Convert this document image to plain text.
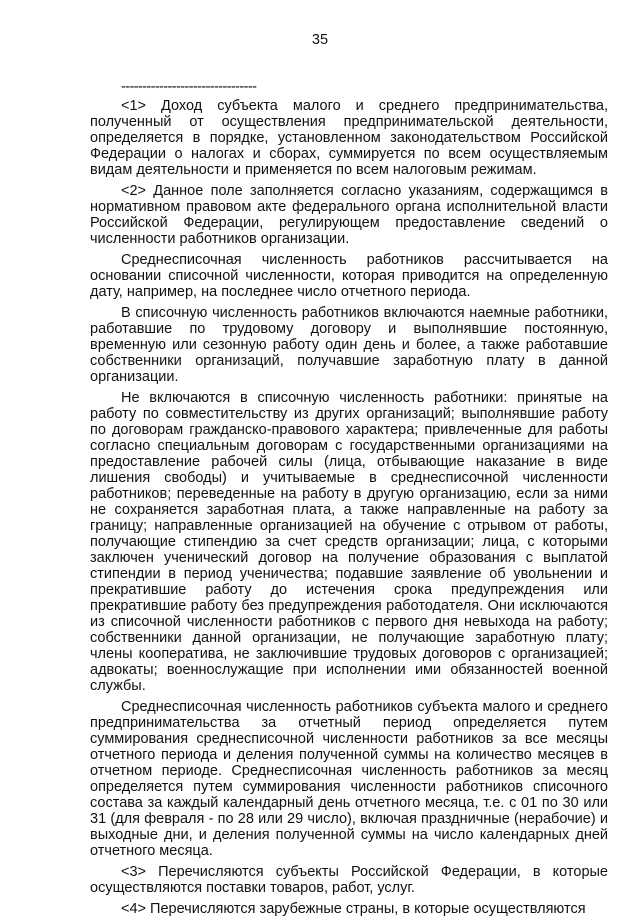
35
--------------------------------

<1> Доход субъекта малого и среднего предпринимательства, полученный от осуществления предпринимательской деятельности, определяется в порядке, установленном законодательством Российской Федерации о налогах и сборах, суммируется по всем осуществляемым видам деятельности и применяется по всем налоговым режимам.

<2> Данное поле заполняется согласно указаниям, содержащимся в нормативном правовом акте федерального органа исполнительной власти Российской Федерации, регулирующем предоставление сведений о численности работников организации.

Среднесписочная численность работников рассчитывается на основании списочной численности, которая приводится на определенную дату, например, на последнее число отчетного периода.

В списочную численность работников включаются наемные работники, работавшие по трудовому договору и выполнявшие постоянную, временную или сезонную работу один день и более, а также работавшие собственники организаций, получавшие заработную плату в данной организации.

Не включаются в списочную численность работники: принятые на работу по совместительству из других организаций; выполнявшие работу по договорам гражданско-правового характера; привлеченные для работы согласно специальным договорам с государственными организациями на предоставление рабочей силы (лица, отбывающие наказание в виде лишения свободы) и учитываемые в среднесписочной численности работников; переведенные на работу в другую организацию, если за ними не сохраняется заработная плата, а также направленные на работу за границу; направленные организацией на обучение с отрывом от работы, получающие стипендию за счет средств организации; лица, с которыми заключен ученический договор на получение образования с выплатой стипендии в период ученичества; подавшие заявление об увольнении и прекратившие работу до истечения срока предупреждения или прекратившие работу без предупреждения работодателя. Они исключаются из списочной численности работников с первого дня невыхода на работу; собственники данной организации, не получающие заработную плату; члены кооператива, не заключившие трудовых договоров с организацией; адвокаты; военнослужащие при исполнении ими обязанностей военной службы.

Среднесписочная численность работников субъекта малого и среднего предпринимательства за отчетный период определяется путем суммирования среднесписочной численности работников за все месяцы отчетного периода и деления полученной суммы на количество месяцев в отчетном периоде. Среднесписочная численность работников за месяц определяется путем суммирования численности работников списочного состава за каждый календарный день отчетного месяца, т.е. с 01 по 30 или 31 (для февраля - по 28 или 29 число), включая праздничные (нерабочие) и выходные дни, и деления полученной суммы на число календарных дней отчетного месяца.

<3> Перечисляются субъекты Российской Федерации, в которые осуществляются поставки товаров, работ, услуг.

<4> Перечисляются зарубежные страны, в которые осуществляются
